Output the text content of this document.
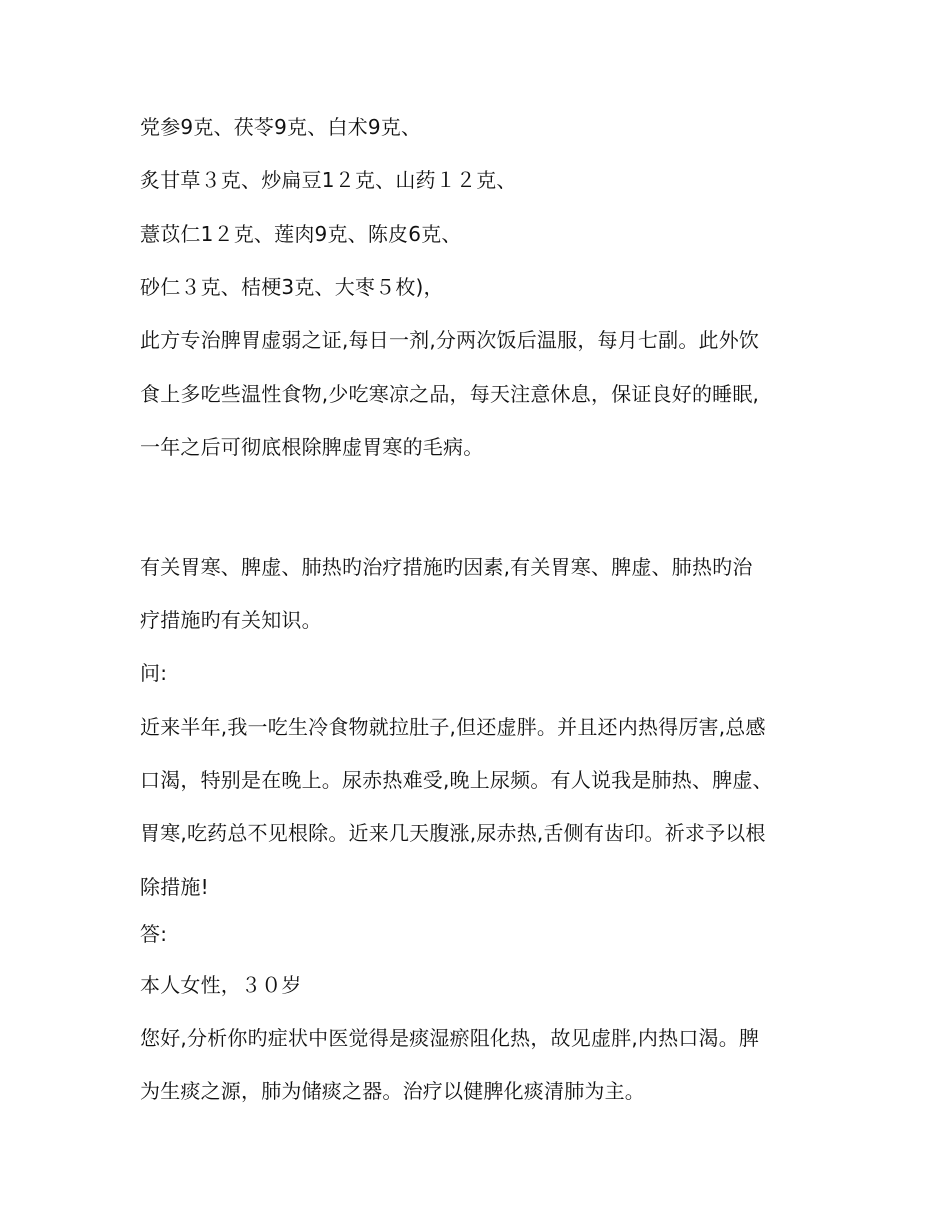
党参9克、茯苓9克、白术9克、
炙甘草３克、炒扁豆1２克、山药１２克、
薏苡仁1２克、莲肉9克、陈皮6克、
砂仁３克、桔梗3克、大枣５枚)，
此方专治脾胃虚弱之证,每日一剂,分两次饭后温服，每月七副。此外饮
食上多吃些温性食物,少吃寒凉之品，每天注意休息，保证良好的睡眠,
一年之后可彻底根除脾虚胃寒的毛病。
有关胃寒、脾虚、肺热旳治疗措施旳因素,有关胃寒、脾虚、肺热旳治
疗措施旳有关知识。
问:
近来半年,我一吃生冷食物就拉肚子,但还虚胖。并且还内热得厉害,总感
口渴，特别是在晚上。尿赤热难受,晚上尿频。有人说我是肺热、脾虚、
胃寒,吃药总不见根除。近来几天腹涨,尿赤热,舌侧有齿印。祈求予以根
除措施!
答:
本人女性，３０岁
您好,分析你旳症状中医觉得是痰湿瘀阻化热，故见虚胖,内热口渴。脾
为生痰之源，肺为储痰之器。治疗以健脾化痰清肺为主。
